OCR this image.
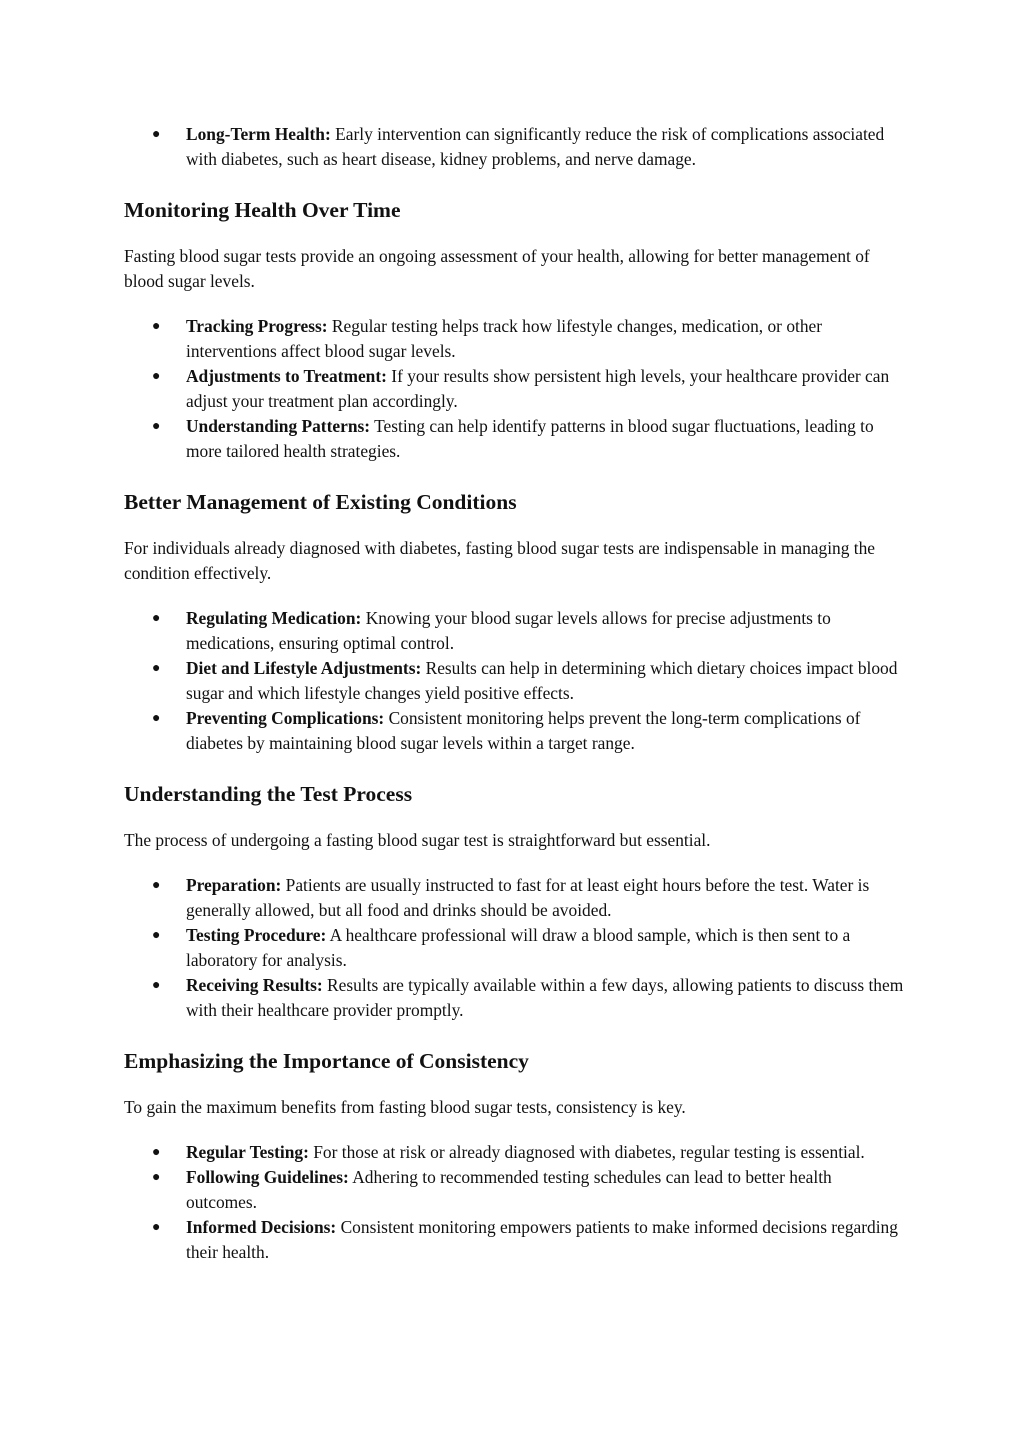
● Long-Term Health: Early intervention can significantly reduce the risk of complications associated with diabetes, such as heart disease, kidney problems, and nerve damage.
Monitoring Health Over Time

Fasting blood sugar tests provide an ongoing assessment of your health, allowing for better management of blood sugar levels.

● Tracking Progress: Regular testing helps track how lifestyle changes, medication, or other interventions affect blood sugar levels.
● Adjustments to Treatment: If your results show persistent high levels, your healthcare provider can adjust your treatment plan accordingly.
● Understanding Patterns: Testing can help identify patterns in blood sugar fluctuations, leading to more tailored health strategies.
Better Management of Existing Conditions

For individuals already diagnosed with diabetes, fasting blood sugar tests are indispensable in managing the condition effectively.

● Regulating Medication: Knowing your blood sugar levels allows for precise adjustments to medications, ensuring optimal control.
● Diet and Lifestyle Adjustments: Results can help in determining which dietary choices impact blood sugar and which lifestyle changes yield positive effects.
● Preventing Complications: Consistent monitoring helps prevent the long-term complications of diabetes by maintaining blood sugar levels within a target range.
Understanding the Test Process

The process of undergoing a fasting blood sugar test is straightforward but essential.

● Preparation: Patients are usually instructed to fast for at least eight hours before the test. Water is generally allowed, but all food and drinks should be avoided.
● Testing Procedure: A healthcare professional will draw a blood sample, which is then sent to a laboratory for analysis.
● Receiving Results: Results are typically available within a few days, allowing patients to discuss them with their healthcare provider promptly.
Emphasizing the Importance of Consistency

To gain the maximum benefits from fasting blood sugar tests, consistency is key.

● Regular Testing: For those at risk or already diagnosed with diabetes, regular testing is essential.
● Following Guidelines: Adhering to recommended testing schedules can lead to better health outcomes.
● Informed Decisions: Consistent monitoring empowers patients to make informed decisions regarding their health.
